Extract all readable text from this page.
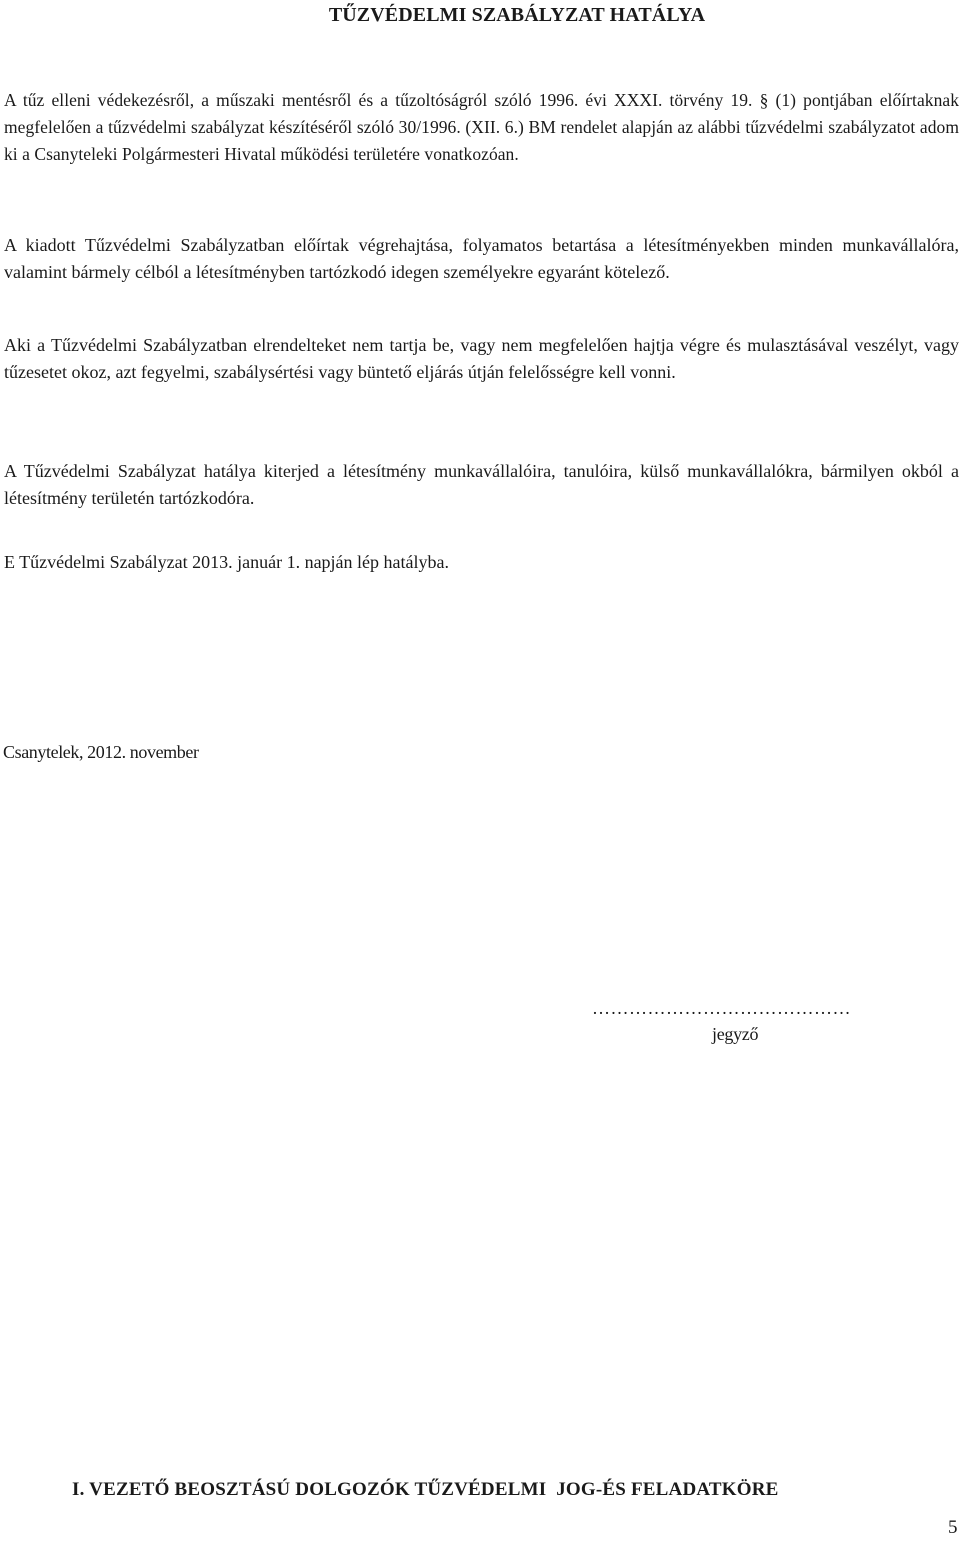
TŰZVÉDELMI SZABÁLYZAT HATÁLYA

A tűz elleni védekezésről, a műszaki mentésről és a tűzoltóságról szóló 1996. évi XXXI. törvény 19. § (1) pontjában előírtaknak megfelelően a tűzvédelmi szabályzat készítéséről szóló 30/1996. (XII. 6.) BM rendelet alapján az alábbi tűzvédelmi szabályzatot adom ki a Csanyteleki Polgármesteri Hivatal működési területére vonatkozóan.

A kiadott Tűzvédelmi Szabályzatban előírtak végrehajtása, folyamatos betartása a létesítményekben minden munkavállalóra, valamint bármely célból a létesítményben tartózkodó idegen személyekre egyaránt kötelező.

Aki a Tűzvédelmi Szabályzatban elrendelteket nem tartja be, vagy nem megfelelően hajtja végre és mulasztásával veszélyt, vagy tűzesetet okoz, azt fegyelmi, szabálysértési vagy büntető eljárás útján felelősségre kell vonni.

A Tűzvédelmi Szabályzat hatálya kiterjed a létesítmény munkavállalóira, tanulóira, külső munkavállalókra, bármilyen okból a létesítmény területén tartózkodóra.

E Tűzvédelmi Szabályzat 2013. január 1. napján lép hatályba.

Csanytelek, 2012. november
……………………………………
jegyző
I. VEZETŐ BEOSZTÁSÚ DOLGOZÓK TŰZVÉDELMI  JOG-ÉS FELADATKÖRE
5
